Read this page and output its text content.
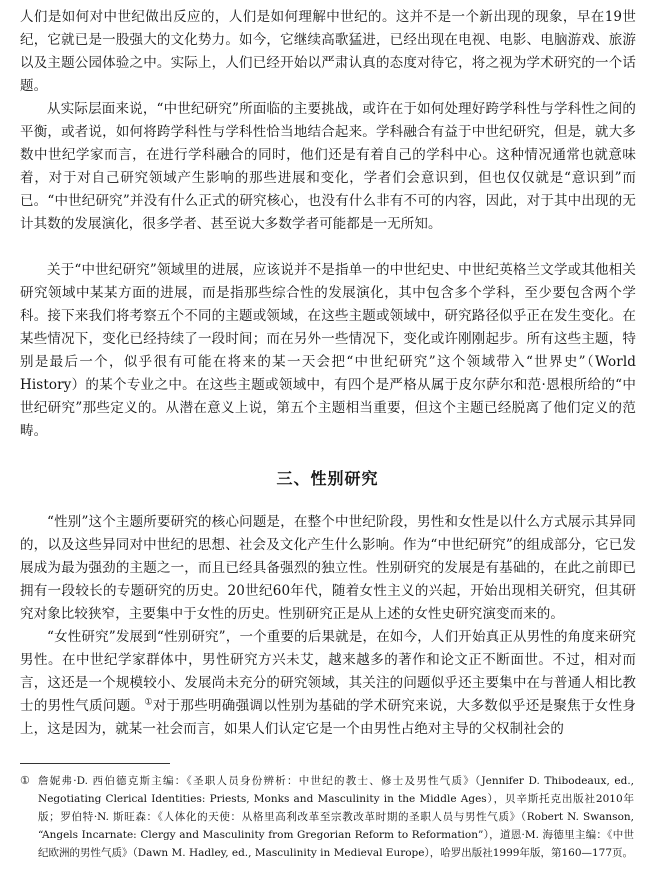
人们是如何对中世纪做出反应的，人们是如何理解中世纪的。这并不是一个新出现的现象，早在19世纪，它就已是一股强大的文化势力。如今，它继续高歌猛进，已经出现在电视、电影、电脑游戏、旅游以及主题公园体验之中。实际上，人们已经开始以严肃认真的态度对待它，将之视为学术研究的一个话题。

从实际层面来说，“中世纪研究”所面临的主要挑战，或许在于如何处理好跨学科性与学科性之间的平衡，或者说，如何将跨学科性与学科性恰当地结合起来。学科融合有益于中世纪研究，但是，就大多数中世纪学家而言，在进行学科融合的同时，他们还是有着自己的学科中心。这种情况通常也就意味着，对于对自己研究领域产生影响的那些进展和变化，学者们会意识到，但也仅仅就是“意识到”而已。“中世纪研究”并没有什么正式的研究核心，也没有什么非有不可的内容，因此，对于其中出现的无计其数的发展演化，很多学者、甚至说大多数学者可能都是一无所知。

关于“中世纪研究”领域里的进展，应该说并不是指单一的中世纪史、中世纪英格兰文学或其他相关研究领域中某某方面的进展，而是指那些综合性的发展演化，其中包含多个学科，至少要包含两个学科。接下来我们将考察五个不同的主题或领域，在这些主题或领域中，研究路径似乎正在发生变化。在某些情况下，变化已经持续了一段时间；而在另外一些情况下，变化或许刚刚起步。所有这些主题，特别是最后一个，似乎很有可能在将来的某一天会把“中世纪研究”这个领域带入“世界史”（World History）的某个专业之中。在这些主题或领域中，有四个是严格从属于皮尔萨尔和范·恩根所给的“中世纪研究”那些定义的。从潜在意义上说，第五个主题相当重要，但这个主题已经脱离了他们定义的范畴。

三、性别研究

“性别”这个主题所要研究的核心问题是，在整个中世纪阶段，男性和女性是以什么方式展示其异同的，以及这些异同对中世纪的思想、社会及文化产生什么影响。作为“中世纪研究”的组成部分，它已发展成为最为强劲的主题之一，而且已经具备强烈的独立性。性别研究的发展是有基础的，在此之前即已拥有一段较长的专题研究的历史。20世纪60年代，随着女性主义的兴起，开始出现相关研究，但其研究对象比较狭窄，主要集中于女性的历史。性别研究正是从上述的女性史研究演变而来的。

“女性研究”发展到“性别研究”，一个重要的后果就是，在如今，人们开始真正从男性的角度来研究男性。在中世纪学家群体中，男性研究方兴未艾，越来越多的著作和论文正不断面世。不过，相对而言，这还是一个规模较小、发展尚未充分的研究领域，其关注的问题似乎还主要集中在与普通人相比教士的男性气质问题。①对于那些明确强调以性别为基础的学术研究来说，大多数似乎还是聚焦于女性身上，这是因为，就某一社会而言，如果人们认定它是一个由男性占绝对主导的父权制社会的

① 詹妮弗·D. 西伯德克斯主编：《圣职人员身份辨析：中世纪的教士、修士及男性气质》（Jennifer D. Thibodeaux, ed., Negotiating Clerical Identities: Priests, Monks and Masculinity in the Middle Ages），贝辛斯托克出版社2010年版；罗伯特·N. 斯旺森：《人体化的天使：从格里高利改革至宗教改革时期的圣职人员与男性气质》（Robert N. Swanson, “Angels Incarnate: Clergy and Masculinity from Gregorian Reform to Reformation”），道恩·M. 海德里主编：《中世纪欧洲的男性气质》（Dawn M. Hadley, ed., Masculinity in Medieval Europe），哈罗出版社1999年版，第160—177页。
